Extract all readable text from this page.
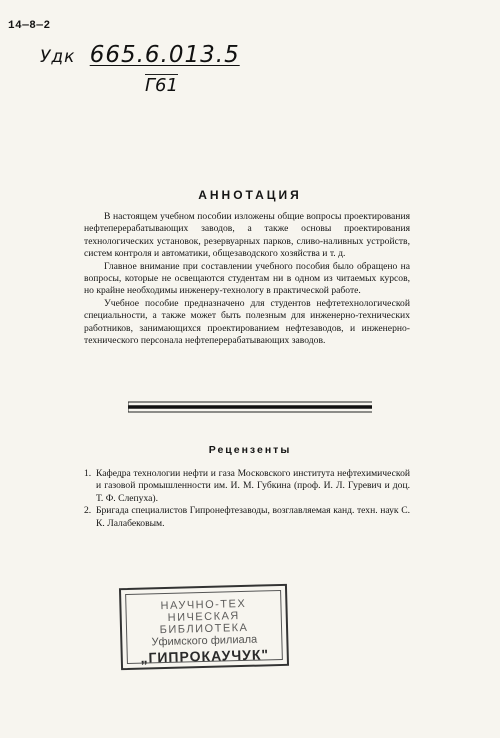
14—8—2
Удк 665.6.013.5
Г61
АННОТАЦИЯ

В настоящем учебном пособии изложены общие вопросы проектирования нефтеперерабатывающих заводов, а также основы проектирования технологических установок, резервуарных парков, сливо-наливных устройств, систем контроля и автоматики, общезаводского хозяйства и т. д.

Главное внимание при составлении учебного пособия было обращено на вопросы, которые не освещаются студентам ни в одном из читаемых курсов, но крайне необходимы инженеру-технологу в практической работе.

Учебное пособие предназначено для студентов нефтетехнологической специальности, а также может быть полезным для инженерно-технических работников, занимающихся проектированием нефтезаводов, и инженерно-технического персонала нефтеперерабатывающих заводов.

Рецензенты
1. Кафедра технологии нефти и газа Московского института нефтехимической и газовой промышленности им. И. М. Губкина (проф. И. Л. Гуревич и доц. Т. Ф. Слепуха).
2. Бригада специалистов Гипронефтезаводы, возглавляемая канд. техн. наук С. К. Лалабековым.
НАУЧНО-ТЕХ НИЧЕСКАЯ
БИБЛИОТЕКА
Уфимского филиала
„ГИПРОКАУЧУК"
